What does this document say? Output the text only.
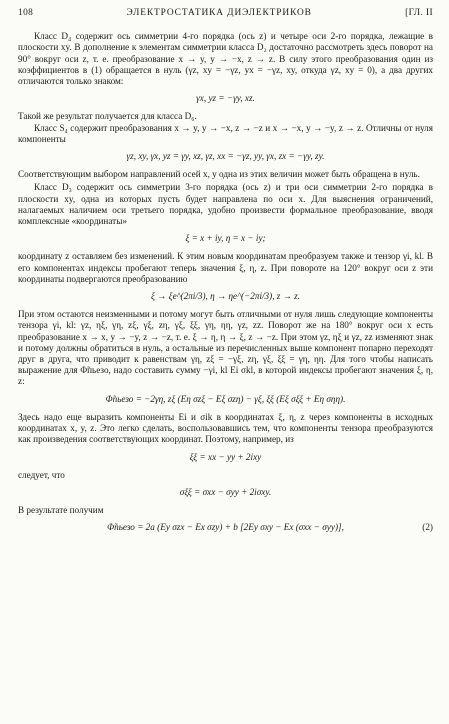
108	ЭЛЕКТРОСТАТИКА ДИЭЛЕКТРИКОВ	[ГЛ. II

Класс D₄ содержит ось симметрии 4-го порядка (ось z) и четыре оси 2-го порядка, лежащие в плоскости xy. В дополнение к элементам симметрии класса D₂ достаточно рассмотреть здесь поворот на 90° вокруг оси z, т. е. преобразование x → y, y → −x, z → z. В силу этого преобразования один из коэффициентов в (1) обращается в нуль (γz, xy = −γz, yx = −γz, xy, откуда γz, xy = 0), а два других отличаются только знаком:

γx, yz = −γy, xz.

Такой же результат получается для класса D₆.

Класс S₄ содержит преобразования x → y, y → −x, z → −z и x → −x, y → −y, z → z. Отличны от нуля компоненты

γz, xy, γx, yz = γy, xz, γz, xx = −γz, yy, γx, zx = −γy, zy.

Соответствующим выбором направлений осей x, y одна из этих величин может быть обращена в нуль.

Класс D₃ содержит ось симметрии 3-го порядка (ось z) и три оси симметрии 2-го порядка в плоскости xy, одна из которых пусть будет направлена по оси x. Для выяснения ограничений, налагаемых наличием оси третьего порядка, удобно произвести формальное преобразование, вводя комплексные «координаты»

ξ = x + iy, η = x − iy;

координату z оставляем без изменений. К этим новым координатам преобразуем также и тензор γi, kl. В его компонентах индексы пробегают теперь значения ξ, η, z. При повороте на 120° вокруг оси z эти координаты подвергаются преобразованию

ξ → ξe^(2πi/3), η → ηe^(−2πi/3), z → z.

При этом остаются неизменными и потому могут быть отличными от нуля лишь следующие компоненты тензора γi, kl: γz, ηξ, γη, zξ, γξ, zη, γξ, ξξ, γη, ηη, γz, zz. Поворот же на 180° вокруг оси x есть преобразование x → x, y → −y, z → −z, т. е. ξ → η, η → ξ, z → −z. При этом γz, ηξ и γz, zz изменяют знак и потому должны обратиться в нуль, а остальные из перечисленных выше компонент попарно переходят друг в друга, что приводит к равенствам γη, zξ = −γξ, zη, γξ, ξξ = γη, ηη. Для того чтобы написать выражение для Φ̃пьезо, надо составить сумму −γi, kl Ei σkl, в которой индексы пробегают значения ξ, η, z:

Φ̃пьезо = −2γη, zξ (Eη σzξ − Eξ σzη) − γξ, ξξ (Eξ σξξ + Eη σηη).

Здесь надо еще выразить компоненты Ei и σik в координатах ξ, η, z через компоненты в исходных координатах x, y, z. Это легко сделать, воспользовавшись тем, что компоненты тензора преобразуются как произведения соответствующих координат. Поэтому, например, из

ξξ = xx − yy + 2ixy

следует, что

σξξ = σxx − σyy + 2iσxy.

В результате получим

Φ̃пьезо = 2a (Ey σzx − Ex σzy) + b [2Ey σxy − Ex (σxx − σyy)],	(2)
